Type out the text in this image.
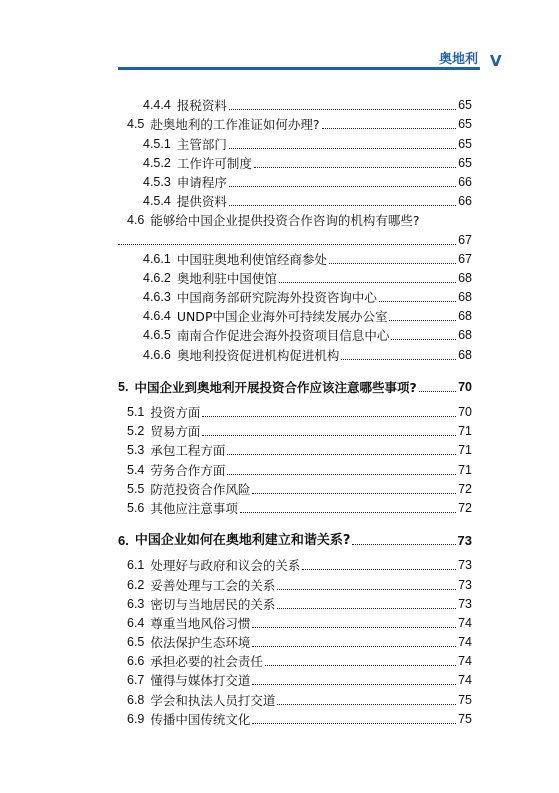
奥地利 V
4.4.4 报税资料	65
4.5 赴奥地利的工作准证如何办理?	65
4.5.1 主管部门	65
4.5.2 工作许可制度	65
4.5.3 申请程序	66
4.5.4 提供资料	66
4.6 能够给中国企业提供投资合作咨询的机构有哪些?
67
4.6.1 中国驻奥地利使馆经商参处	67
4.6.2 奥地利驻中国使馆	68
4.6.3 中国商务部研究院海外投资咨询中心	68
4.6.4 UNDP中国企业海外可持续发展办公室	68
4.6.5 南南合作促进会海外投资项目信息中心	68
4.6.6 奥地利投资促进机构促进机构	68
5. 中国企业到奥地利开展投资合作应该注意哪些事项?	70
5.1 投资方面	70
5.2 贸易方面	71
5.3 承包工程方面	71
5.4 劳务合作方面	71
5.5 防范投资合作风险	72
5.6 其他应注意事项	72
6. 中国企业如何在奥地利建立和谐关系?	73
6.1 处理好与政府和议会的关系	73
6.2 妥善处理与工会的关系	73
6.3 密切与当地居民的关系	73
6.4 尊重当地风俗习惯	74
6.5 依法保护生态环境	74
6.6 承担必要的社会责任	74
6.7 懂得与媒体打交道	74
6.8 学会和执法人员打交道	75
6.9 传播中国传统文化	75
